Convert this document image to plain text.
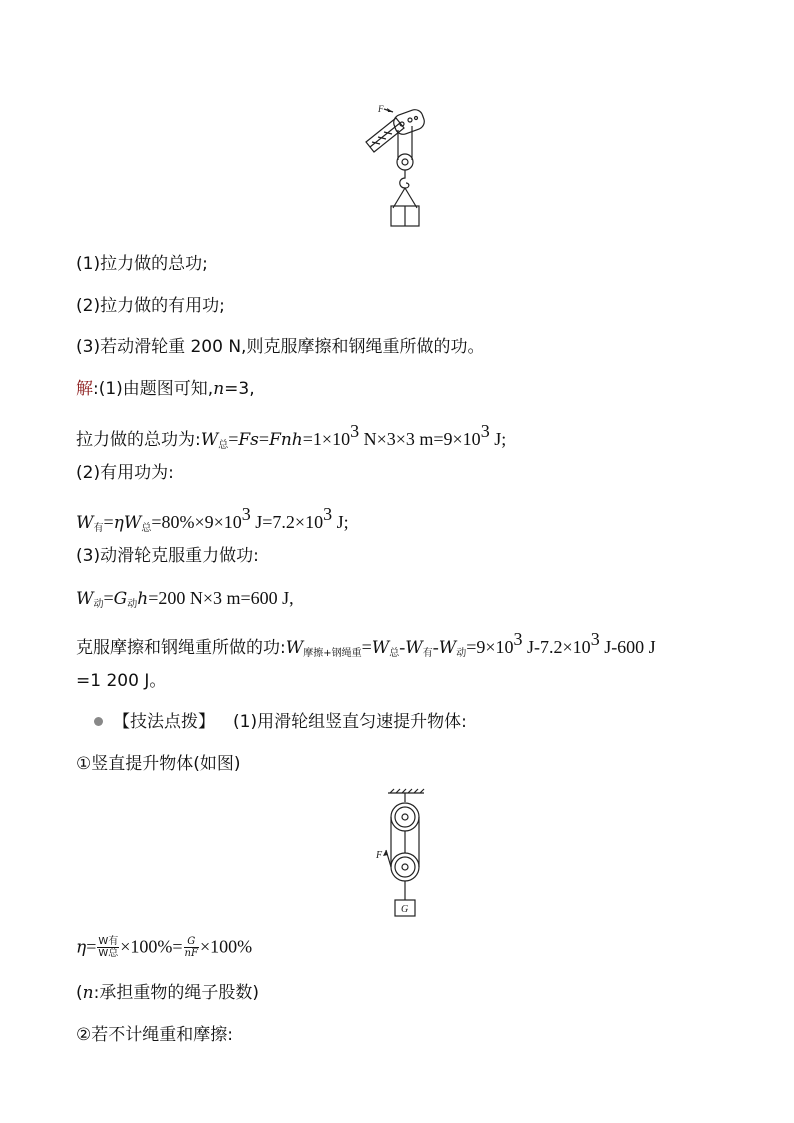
F
(1)拉力做的总功;
(2)拉力做的有用功;
(3)若动滑轮重 200 N,则克服摩擦和钢绳重所做的功。
解:(1)由题图可知,n=3,
拉力做的总功为$:W_总=Fs=Fnh=1\times 103$ N×3×3 m=9×103 J;
(2)有用功为:
$W_有=\eta W_总=80\%\times 9\times 103$ J=7.2×103 J;
(3)动滑轮克服重力做功:
$W_动=G_动h=200$ N×3 m=600 J,
克服摩擦和钢绳重所做的功$:W_{摩擦+钢绳重}=W_总-W_有-W_动=9\times 103$ J-7.2×103 J-600 J
=1 200 J。
【技法点拨】 (1)用滑轮组竖直匀速提升物体:
①竖直提升物体(如图)
F
G
$\eta= \frac{\text{W有}}{\text{W总}} \times 100\%= \frac{G}{nF} \times 100\%$
(n:承担重物的绳子股数)
②若不计绳重和摩擦:
